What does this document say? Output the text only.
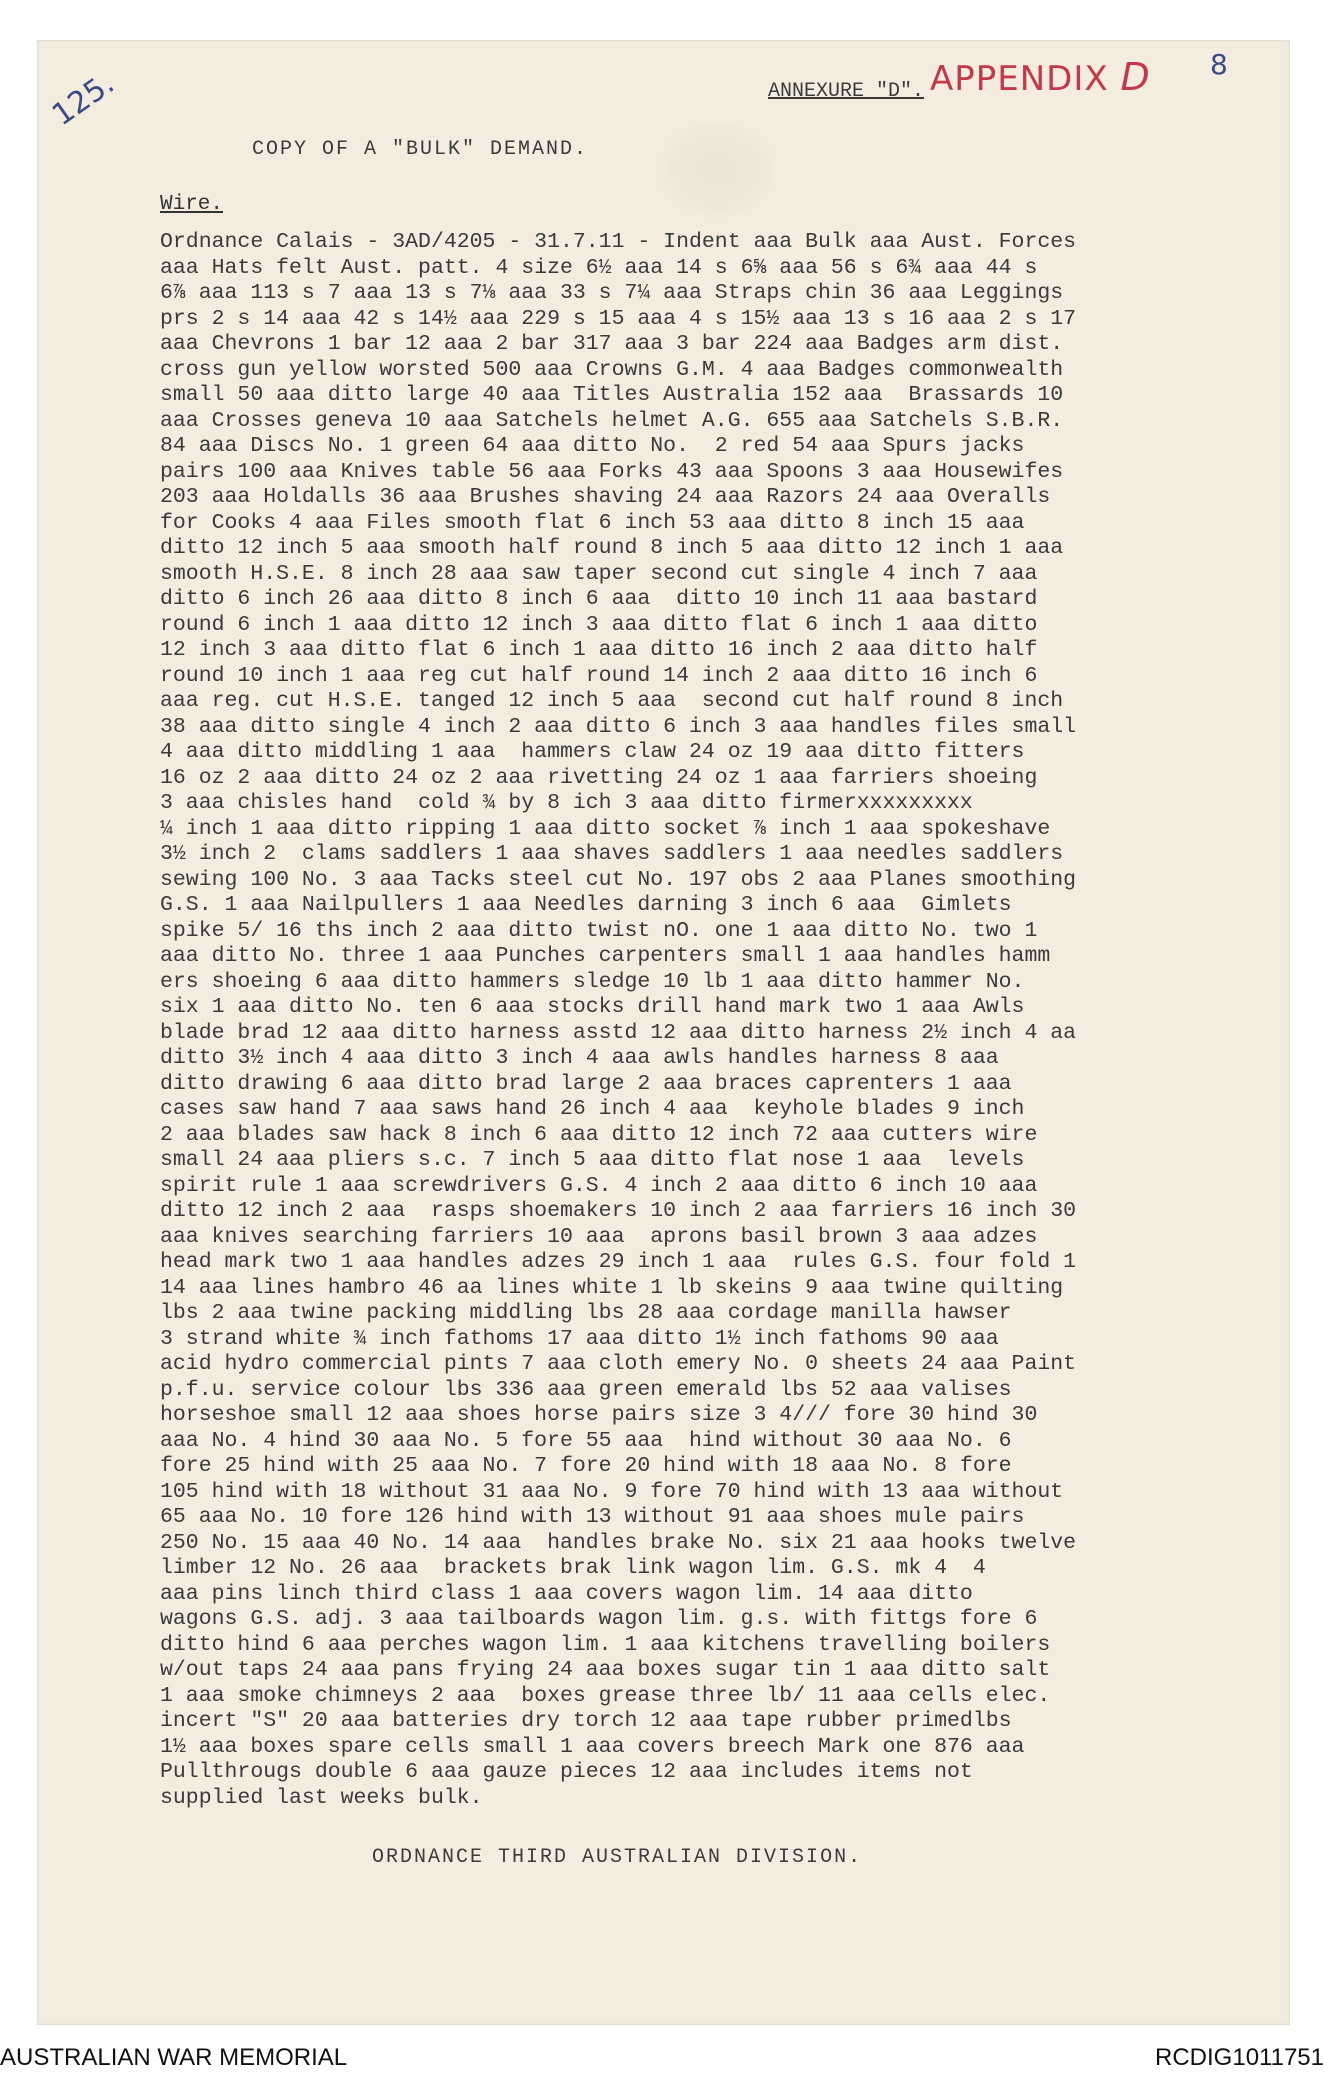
125.	APPENDIX D 8
ANNEXURE "D".
COPY OF A "BULK" DEMAND.
Wire.
Ordnance Calais - 3AD/4205 - 31.7.11 - Indent aaa Bulk aaa Aust. Forces
aaa Hats felt Aust. patt. 4 size 6½ aaa 14 s 6⅝ aaa 56 s 6¾ aaa 44 s
6⅞ aaa 113 s 7 aaa 13 s 7⅛ aaa 33 s 7¼ aaa Straps chin 36 aaa Leggings
prs 2 s 14 aaa 42 s 14½ aaa 229 s 15 aaa 4 s 15½ aaa 13 s 16 aaa 2 s 17
aaa Chevrons 1 bar 12 aaa 2 bar 317 aaa 3 bar 224 aaa Badges arm dist.
cross gun yellow worsted 500 aaa Crowns G.M. 4 aaa Badges commonwealth
small 50 aaa ditto large 40 aaa Titles Australia 152 aaa  Brassards 10
aaa Crosses geneva 10 aaa Satchels helmet A.G. 655 aaa Satchels S.B.R.
84 aaa Discs No. 1 green 64 aaa ditto No.  2 red 54 aaa Spurs jacks
pairs 100 aaa Knives table 56 aaa Forks 43 aaa Spoons 3 aaa Housewifes
203 aaa Holdalls 36 aaa Brushes shaving 24 aaa Razors 24 aaa Overalls
for Cooks 4 aaa Files smooth flat 6 inch 53 aaa ditto 8 inch 15 aaa
ditto 12 inch 5 aaa smooth half round 8 inch 5 aaa ditto 12 inch 1 aaa
smooth H.S.E. 8 inch 28 aaa saw taper second cut single 4 inch 7 aaa
ditto 6 inch 26 aaa ditto 8 inch 6 aaa  ditto 10 inch 11 aaa bastard
round 6 inch 1 aaa ditto 12 inch 3 aaa ditto flat 6 inch 1 aaa ditto
12 inch 3 aaa ditto flat 6 inch 1 aaa ditto 16 inch 2 aaa ditto half
round 10 inch 1 aaa reg cut half round 14 inch 2 aaa ditto 16 inch 6
aaa reg. cut H.S.E. tanged 12 inch 5 aaa  second cut half round 8 inch
38 aaa ditto single 4 inch 2 aaa ditto 6 inch 3 aaa handles files small
4 aaa ditto middling 1 aaa  hammers claw 24 oz 19 aaa ditto fitters
16 oz 2 aaa ditto 24 oz 2 aaa rivetting 24 oz 1 aaa farriers shoeing
3 aaa chisles hand  cold ¾ by 8 ich 3 aaa ditto firmerxxxxxxxxx
¼ inch 1 aaa ditto ripping 1 aaa ditto socket ⅞ inch 1 aaa spokeshave
3½ inch 2  clams saddlers 1 aaa shaves saddlers 1 aaa needles saddlers
sewing 100 No. 3 aaa Tacks steel cut No. 197 obs 2 aaa Planes smoothing
G.S. 1 aaa Nailpullers 1 aaa Needles darning 3 inch 6 aaa  Gimlets
spike 5/ 16 ths inch 2 aaa ditto twist nO. one 1 aaa ditto No. two 1
aaa ditto No. three 1 aaa Punches carpenters small 1 aaa handles hamm
ers shoeing 6 aaa ditto hammers sledge 10 lb 1 aaa ditto hammer No.
six 1 aaa ditto No. ten 6 aaa stocks drill hand mark two 1 aaa Awls
blade brad 12 aaa ditto harness asstd 12 aaa ditto harness 2½ inch 4 aa
ditto 3½ inch 4 aaa ditto 3 inch 4 aaa awls handles harness 8 aaa
ditto drawing 6 aaa ditto brad large 2 aaa braces caprenters 1 aaa
cases saw hand 7 aaa saws hand 26 inch 4 aaa  keyhole blades 9 inch
2 aaa blades saw hack 8 inch 6 aaa ditto 12 inch 72 aaa cutters wire
small 24 aaa pliers s.c. 7 inch 5 aaa ditto flat nose 1 aaa  levels
spirit rule 1 aaa screwdrivers G.S. 4 inch 2 aaa ditto 6 inch 10 aaa
ditto 12 inch 2 aaa  rasps shoemakers 10 inch 2 aaa farriers 16 inch 30
aaa knives searching farriers 10 aaa  aprons basil brown 3 aaa adzes
head mark two 1 aaa handles adzes 29 inch 1 aaa  rules G.S. four fold 1
14 aaa lines hambro 46 aa lines white 1 lb skeins 9 aaa twine quilting
lbs 2 aaa twine packing middling lbs 28 aaa cordage manilla hawser
3 strand white ¾ inch fathoms 17 aaa ditto 1½ inch fathoms 90 aaa
acid hydro commercial pints 7 aaa cloth emery No. 0 sheets 24 aaa Paint
p.f.u. service colour lbs 336 aaa green emerald lbs 52 aaa valises
horseshoe small 12 aaa shoes horse pairs size 3 4/// fore 30 hind 30
aaa No. 4 hind 30 aaa No. 5 fore 55 aaa  hind without 30 aaa No. 6
fore 25 hind with 25 aaa No. 7 fore 20 hind with 18 aaa No. 8 fore
105 hind with 18 without 31 aaa No. 9 fore 70 hind with 13 aaa without
65 aaa No. 10 fore 126 hind with 13 without 91 aaa shoes mule pairs
250 No. 15 aaa 40 No. 14 aaa  handles brake No. six 21 aaa hooks twelve
limber 12 No. 26 aaa  brackets brak link wagon lim. G.S. mk 4  4
aaa pins linch third class 1 aaa covers wagon lim. 14 aaa ditto
wagons G.S. adj. 3 aaa tailboards wagon lim. g.s. with fittgs fore 6
ditto hind 6 aaa perches wagon lim. 1 aaa kitchens travelling boilers
w/out taps 24 aaa pans frying 24 aaa boxes sugar tin 1 aaa ditto salt
1 aaa smoke chimneys 2 aaa  boxes grease three lb/ 11 aaa cells elec.
incert "S" 20 aaa batteries dry torch 12 aaa tape rubber primedlbs
1½ aaa boxes spare cells small 1 aaa covers breech Mark one 876 aaa
Pullthrougs double 6 aaa gauze pieces 12 aaa includes items not
supplied last weeks bulk.
ORDNANCE THIRD AUSTRALIAN DIVISION.
AUSTRALIAN WAR MEMORIAL	RCDIG1011751
